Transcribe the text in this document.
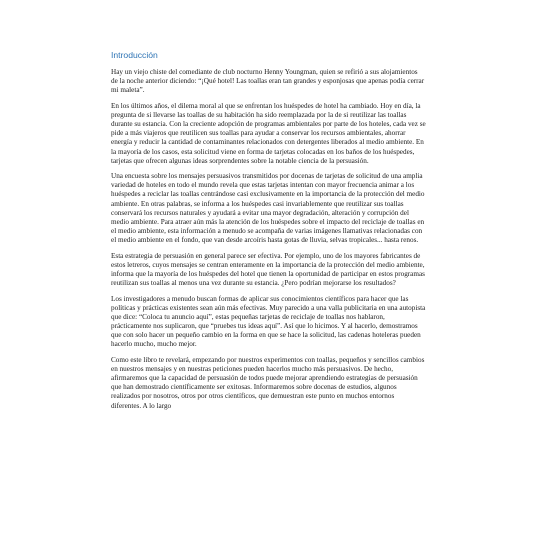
Introducción

Hay un viejo chiste del comediante de club nocturno Henny Youngman, quien se refirió a sus alojamientos de la noche anterior diciendo: “¡Qué hotel! Las toallas eran tan grandes y esponjosas que apenas podía cerrar mi maleta”.

En los últimos años, el dilema moral al que se enfrentan los huéspedes de hotel ha cambiado. Hoy en día, la pregunta de si llevarse las toallas de su habitación ha sido reemplazada por la de si reutilizar las toallas durante su estancia. Con la creciente adopción de programas ambientales por parte de los hoteles, cada vez se pide a más viajeros que reutilicen sus toallas para ayudar a conservar los recursos ambientales, ahorrar energía y reducir la cantidad de contaminantes relacionados con detergentes liberados al medio ambiente. En la mayoría de los casos, esta solicitud viene en forma de tarjetas colocadas en los baños de los huéspedes, tarjetas que ofrecen algunas ideas sorprendentes sobre la notable ciencia de la persuasión.

Una encuesta sobre los mensajes persuasivos transmitidos por docenas de tarjetas de solicitud de una amplia variedad de hoteles en todo el mundo revela que estas tarjetas intentan con mayor frecuencia animar a los huéspedes a reciclar las toallas centrándose casi exclusivamente en la importancia de la protección del medio ambiente. En otras palabras, se informa a los huéspedes casi invariablemente que reutilizar sus toallas conservará los recursos naturales y ayudará a evitar una mayor degradación, alteración y corrupción del medio ambiente. Para atraer aún más la atención de los huéspedes sobre el impacto del reciclaje de toallas en el medio ambiente, esta información a menudo se acompaña de varias imágenes llamativas relacionadas con el medio ambiente en el fondo, que van desde arcoíris hasta gotas de lluvia, selvas tropicales... hasta renos.

Esta estrategia de persuasión en general parece ser efectiva. Por ejemplo, uno de los mayores fabricantes de estos letreros, cuyos mensajes se centran enteramente en la importancia de la protección del medio ambiente, informa que la mayoría de los huéspedes del hotel que tienen la oportunidad de participar en estos programas reutilizan sus toallas al menos una vez durante su estancia. ¿Pero podrían mejorarse los resultados?

Los investigadores a menudo buscan formas de aplicar sus conocimientos científicos para hacer que las políticas y prácticas existentes sean aún más efectivas. Muy parecido a una valla publicitaria en una autopista que dice: “Coloca tu anuncio aquí”, estas pequeñas tarjetas de reciclaje de toallas nos hablaron, prácticamente nos suplicaron, que “pruebes tus ideas aquí”. Así que lo hicimos. Y al hacerlo, demostramos que con solo hacer un pequeño cambio en la forma en que se hace la solicitud, las cadenas hoteleras pueden hacerlo mucho, mucho mejor.

Como este libro te revelará, empezando por nuestros experimentos con toallas, pequeños y sencillos cambios en nuestros mensajes y en nuestras peticiones pueden hacerlos mucho más persuasivos. De hecho, afirmaremos que la capacidad de persuasión de todos puede mejorar aprendiendo estrategias de persuasión que han demostrado científicamente ser exitosas. Informaremos sobre docenas de estudios, algunos realizados por nosotros, otros por otros científicos, que demuestran este punto en muchos entornos diferentes. A lo largo
